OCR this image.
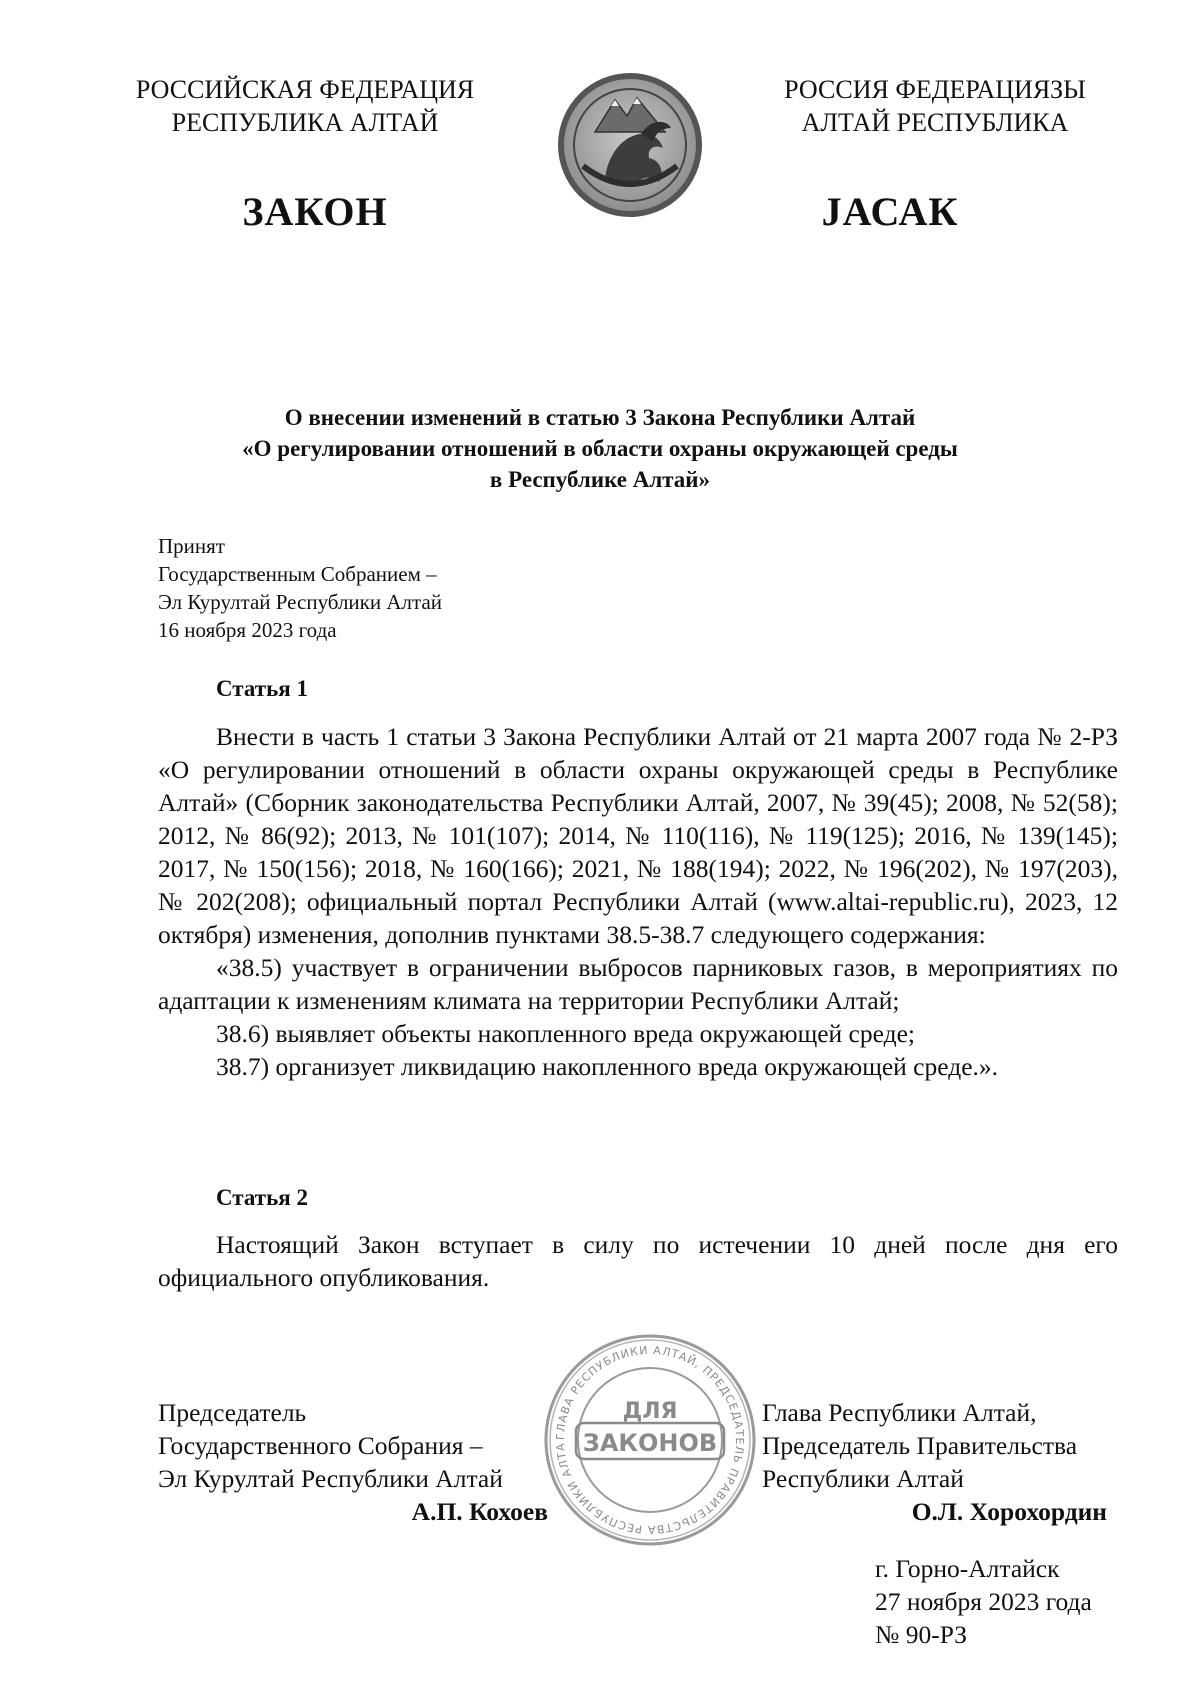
РОССИЙСКАЯ ФЕДЕРАЦИЯ
РЕСПУБЛИКА АЛТАЙ
РОССИЯ ФЕДЕРАЦИЯЗЫ
АЛТАЙ РЕСПУБЛИКА
ЗАКОН	JАСАК
О внесении изменений в статью 3 Закона Республики Алтай
«О регулировании отношений в области охраны окружающей среды
в Республике Алтай»
Принят
Государственным Собранием –
Эл Курултай Республики Алтай
16 ноября 2023 года
Статья 1

Внести в часть 1 статьи 3 Закона Республики Алтай от 21 марта 2007 года № 2-РЗ «О регулировании отношений в области охраны окружающей среды в Республике Алтай» (Сборник законодательства Республики Алтай, 2007, № 39(45); 2008, № 52(58); 2012, № 86(92); 2013, № 101(107); 2014, № 110(116), № 119(125); 2016, № 139(145); 2017, № 150(156); 2018, № 160(166); 2021, № 188(194); 2022, № 196(202), № 197(203), № 202(208); официальный портал Республики Алтай (www.altai-republic.ru), 2023, 12 октября) изменения, дополнив пунктами 38.5-38.7 следующего содержания:

«38.5) участвует в ограничении выбросов парниковых газов, в мероприятиях по адаптации к изменениям климата на территории Республики Алтай;

38.6) выявляет объекты накопленного вреда окружающей среде;

38.7) организует ликвидацию накопленного вреда окружающей среде.».

Статья 2

Настоящий Закон вступает в силу по истечении 10 дней после дня его официального опубликования.

ГЛАВА РЕСПУБЛИКИ АЛТАЙ, ПРЕДСЕДАТЕЛЬ ПРАВИТЕЛЬСТВА РЕСПУБЛИКИ АЛТА
ДЛЯ
ЗАКОНОВ
Председатель
Государственного Собрания –
Эл Курултай Республики Алтай
А.П. Кохоев
Глава Республики Алтай,
Председатель Правительства
Республики Алтай
О.Л. Хорохордин
г. Горно-Алтайск
27 ноября 2023 года
№ 90-РЗ
